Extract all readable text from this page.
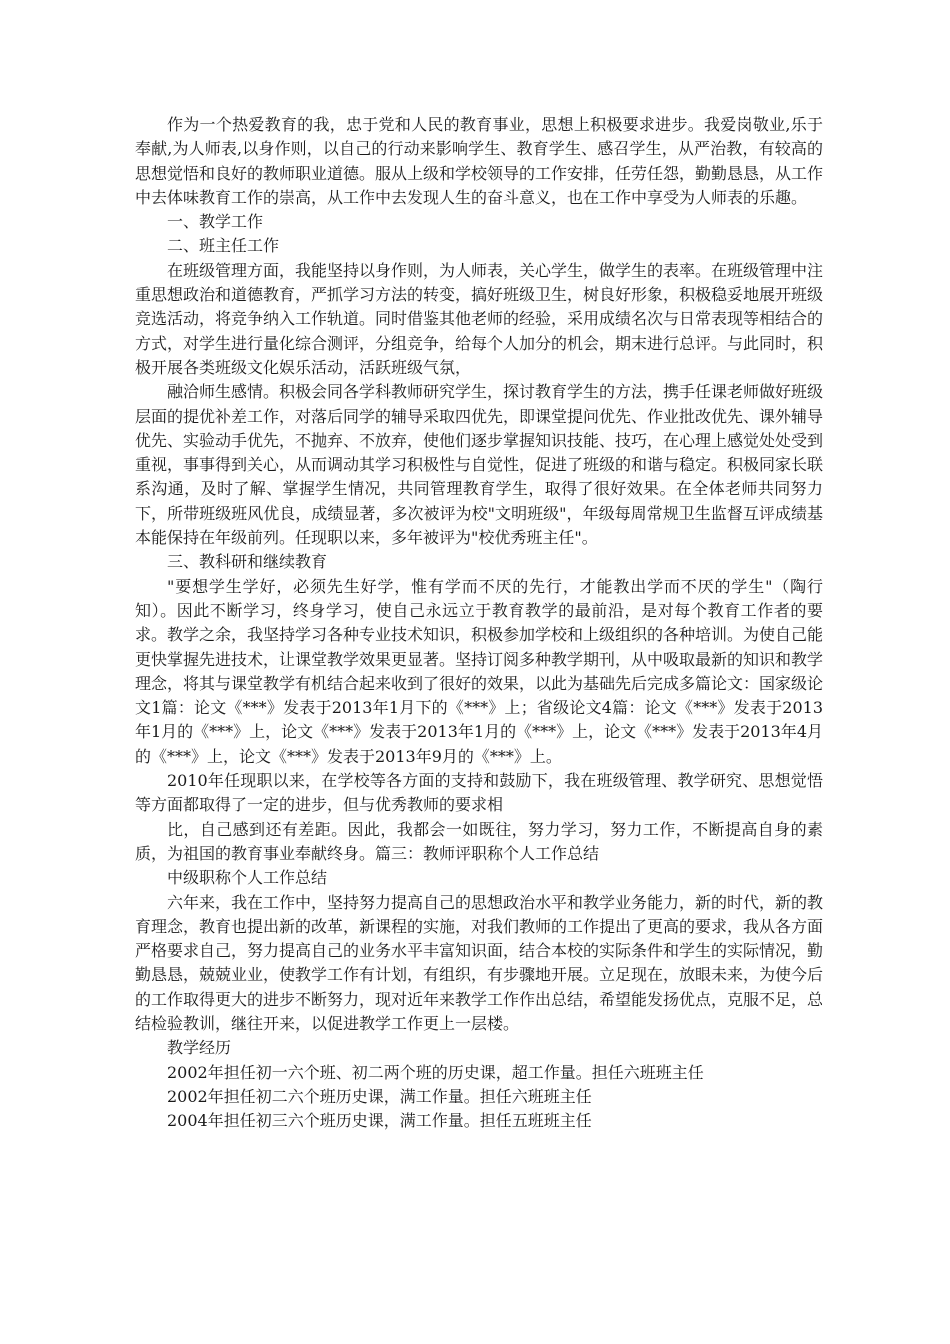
作为一个热爱教育的我，忠于党和人民的教育事业，思想上积极要求进步。我爱岗敬业,乐于奉献,为人师表,以身作则，以自己的行动来影响学生、教育学生、感召学生，从严治教，有较高的思想觉悟和良好的教师职业道德。服从上级和学校领导的工作安排，任劳任怨，勤勤恳恳，从工作中去体味教育工作的崇高，从工作中去发现人生的奋斗意义，也在工作中享受为人师表的乐趣。

一、教学工作

二、班主任工作

在班级管理方面，我能坚持以身作则，为人师表，关心学生，做学生的表率。在班级管理中注重思想政治和道德教育，严抓学习方法的转变，搞好班级卫生，树良好形象，积极稳妥地展开班级竞选活动，将竞争纳入工作轨道。同时借鉴其他老师的经验，采用成绩名次与日常表现等相结合的方式，对学生进行量化综合测评，分组竞争，给每个人加分的机会，期末进行总评。与此同时，积极开展各类班级文化娱乐活动，活跃班级气氛，

融洽师生感情。积极会同各学科教师研究学生，探讨教育学生的方法，携手任课老师做好班级层面的提优补差工作，对落后同学的辅导采取四优先，即课堂提问优先、作业批改优先、课外辅导优先、实验动手优先，不抛弃、不放弃，使他们逐步掌握知识技能、技巧，在心理上感觉处处受到重视，事事得到关心，从而调动其学习积极性与自觉性，促进了班级的和谐与稳定。积极同家长联系沟通，及时了解、掌握学生情况，共同管理教育学生，取得了很好效果。在全体老师共同努力下，所带班级班风优良，成绩显著，多次被评为校"文明班级"，年级每周常规卫生监督互评成绩基本能保持在年级前列。任现职以来，多年被评为"校优秀班主任"。

三、教科研和继续教育

"要想学生学好，必须先生好学，惟有学而不厌的先行，才能教出学而不厌的学生"（陶行知）。因此不断学习，终身学习，使自己永远立于教育教学的最前沿，是对每个教育工作者的要求。教学之余，我坚持学习各种专业技术知识，积极参加学校和上级组织的各种培训。为使自己能更快掌握先进技术，让课堂教学效果更显著。坚持订阅多种教学期刊，从中吸取最新的知识和教学理念，将其与课堂教学有机结合起来收到了很好的效果，以此为基础先后完成多篇论文：国家级论文1篇：论文《***》发表于2013年1月下的《***》上；省级论文4篇：论文《***》发表于2013年1月的《***》上，论文《***》发表于2013年1月的《***》上，论文《***》发表于2013年4月的《***》上，论文《***》发表于2013年9月的《***》上。

2010年任现职以来，在学校等各方面的支持和鼓励下，我在班级管理、教学研究、思想觉悟等方面都取得了一定的进步，但与优秀教师的要求相

比，自己感到还有差距。因此，我都会一如既往，努力学习，努力工作，不断提高自身的素质，为祖国的教育事业奉献终身。篇三：教师评职称个人工作总结

中级职称个人工作总结

六年来，我在工作中，坚持努力提高自己的思想政治水平和教学业务能力，新的时代，新的教育理念，教育也提出新的改革，新课程的实施，对我们教师的工作提出了更高的要求，我从各方面严格要求自己，努力提高自己的业务水平丰富知识面，结合本校的实际条件和学生的实际情况，勤勤恳恳，兢兢业业，使教学工作有计划，有组织，有步骤地开展。立足现在，放眼未来，为使今后的工作取得更大的进步不断努力，现对近年来教学工作作出总结，希望能发扬优点，克服不足，总结检验教训，继往开来，以促进教学工作更上一层楼。

教学经历

2002年担任初一六个班、初二两个班的历史课，超工作量。担任六班班主任

2002年担任初二六个班历史课，满工作量。担任六班班主任

2004年担任初三六个班历史课，满工作量。担任五班班主任
